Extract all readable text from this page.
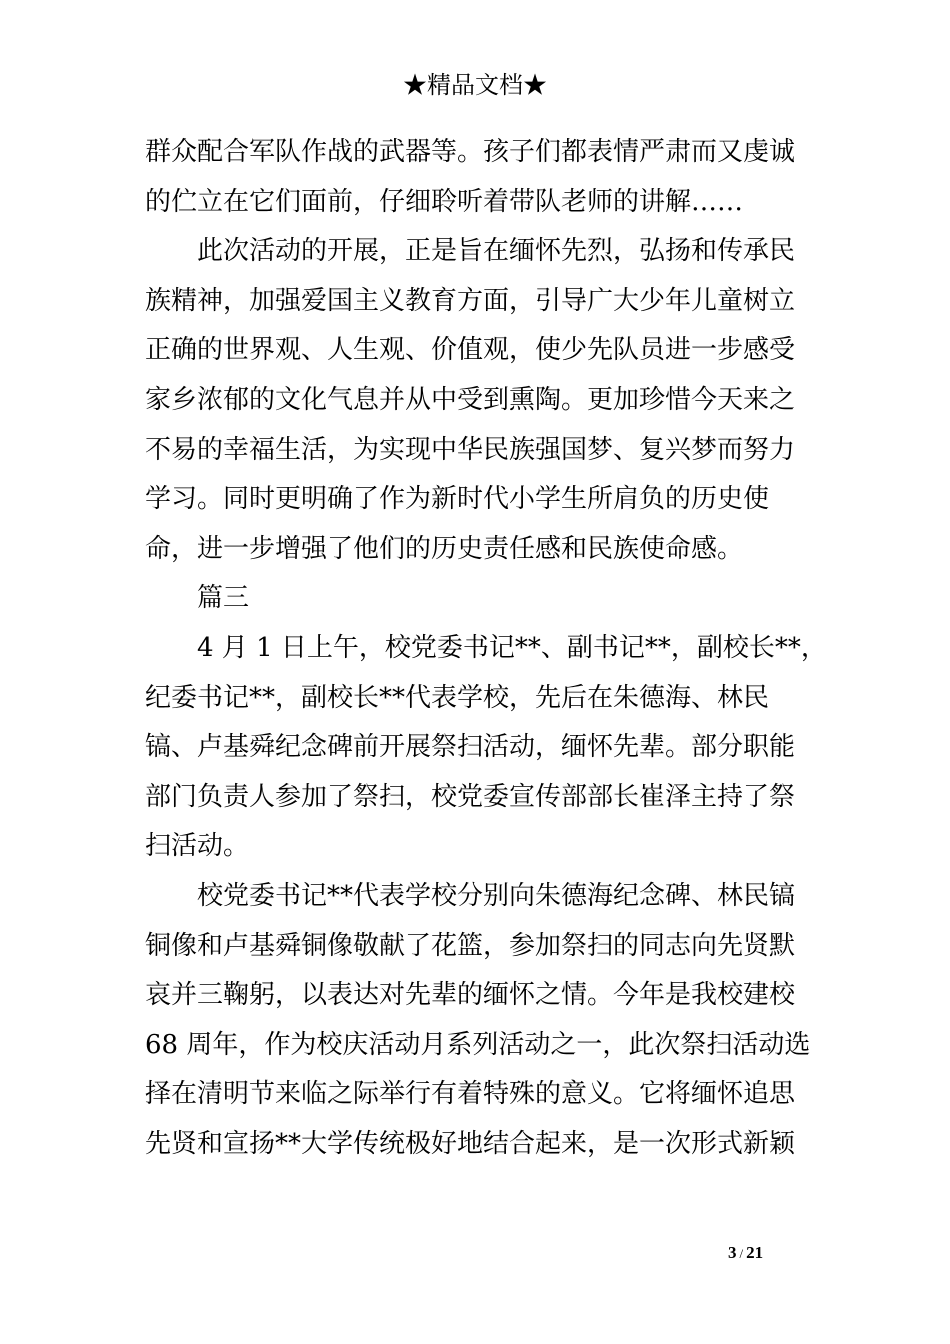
★精品文档★
群众配合军队作战的武器等。孩子们都表情严肃而又虔诚
的伫立在它们面前，仔细聆听着带队老师的讲解……
此次活动的开展，正是旨在缅怀先烈，弘扬和传承民
族精神，加强爱国主义教育方面，引导广大少年儿童树立
正确的世界观、人生观、价值观，使少先队员进一步感受
家乡浓郁的文化气息并从中受到熏陶。更加珍惜今天来之
不易的幸福生活，为实现中华民族强国梦、复兴梦而努力
学习。同时更明确了作为新时代小学生所肩负的历史使
命，进一步增强了他们的历史责任感和民族使命感。
篇三
4 月 1 日上午，校党委书记**、副书记**，副校长**，
纪委书记**，副校长**代表学校，先后在朱德海、林民
镐、卢基舜纪念碑前开展祭扫活动，缅怀先辈。部分职能
部门负责人参加了祭扫，校党委宣传部部长崔泽主持了祭
扫活动。
校党委书记**代表学校分别向朱德海纪念碑、林民镐
铜像和卢基舜铜像敬献了花篮，参加祭扫的同志向先贤默
哀并三鞠躬，以表达对先辈的缅怀之情。今年是我校建校
68 周年，作为校庆活动月系列活动之一，此次祭扫活动选
择在清明节来临之际举行有着特殊的意义。它将缅怀追思
先贤和宣扬**大学传统极好地结合起来，是一次形式新颖
3 / 21
